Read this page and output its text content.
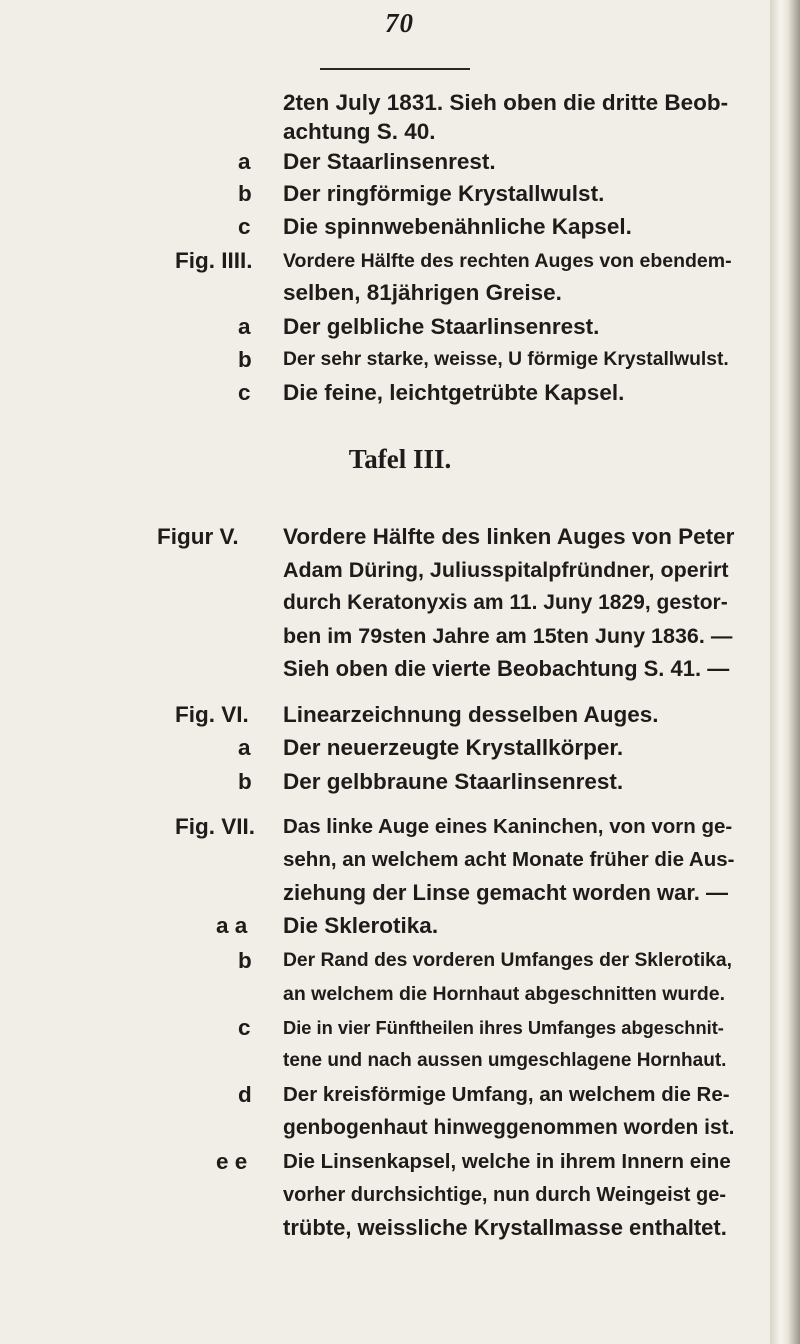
70
2ten July 1831. Sieh oben die dritte Beob-
achtung S. 40.
a Der Staarlinsenrest.
b Der ringförmige Krystallwulst.
c Die spinnwebenähnliche Kapsel.
Fig. IIII. Vordere Hälfte des rechten Auges von ebendem-
selben, 81jährigen Greise.
a Der gelbliche Staarlinsenrest.
b Der sehr starke, weisse, U förmige Krystallwulst.
c Die feine, leichtgetrübte Kapsel.
Tafel III.
Figur V. Vordere Hälfte des linken Auges von Peter
Adam Düring, Juliusspitalpfründner, operirt
durch Keratonyxis am 11. Juny 1829, gestor-
ben im 79sten Jahre am 15ten Juny 1836. —
Sieh oben die vierte Beobachtung S. 41. —
Fig. VI. Linearzeichnung desselben Auges.
a Der neuerzeugte Krystallkörper.
b Der gelbbraune Staarlinsenrest.
Fig. VII. Das linke Auge eines Kaninchen, von vorn ge-
sehn, an welchem acht Monate früher die Aus-
ziehung der Linse gemacht worden war. —
a a Die Sklerotika.
b Der Rand des vorderen Umfanges der Sklerotika,
an welchem die Hornhaut abgeschnitten wurde.
c Die in vier Fünftheilen ihres Umfanges abgeschnit-
tene und nach aussen umgeschlagene Hornhaut.
d Der kreisförmige Umfang, an welchem die Re-
genbogenhaut hinweggenommen worden ist.
e e Die Linsenkapsel, welche in ihrem Innern eine
vorher durchsichtige, nun durch Weingeist ge-
trübte, weissliche Krystallmasse enthaltet.
